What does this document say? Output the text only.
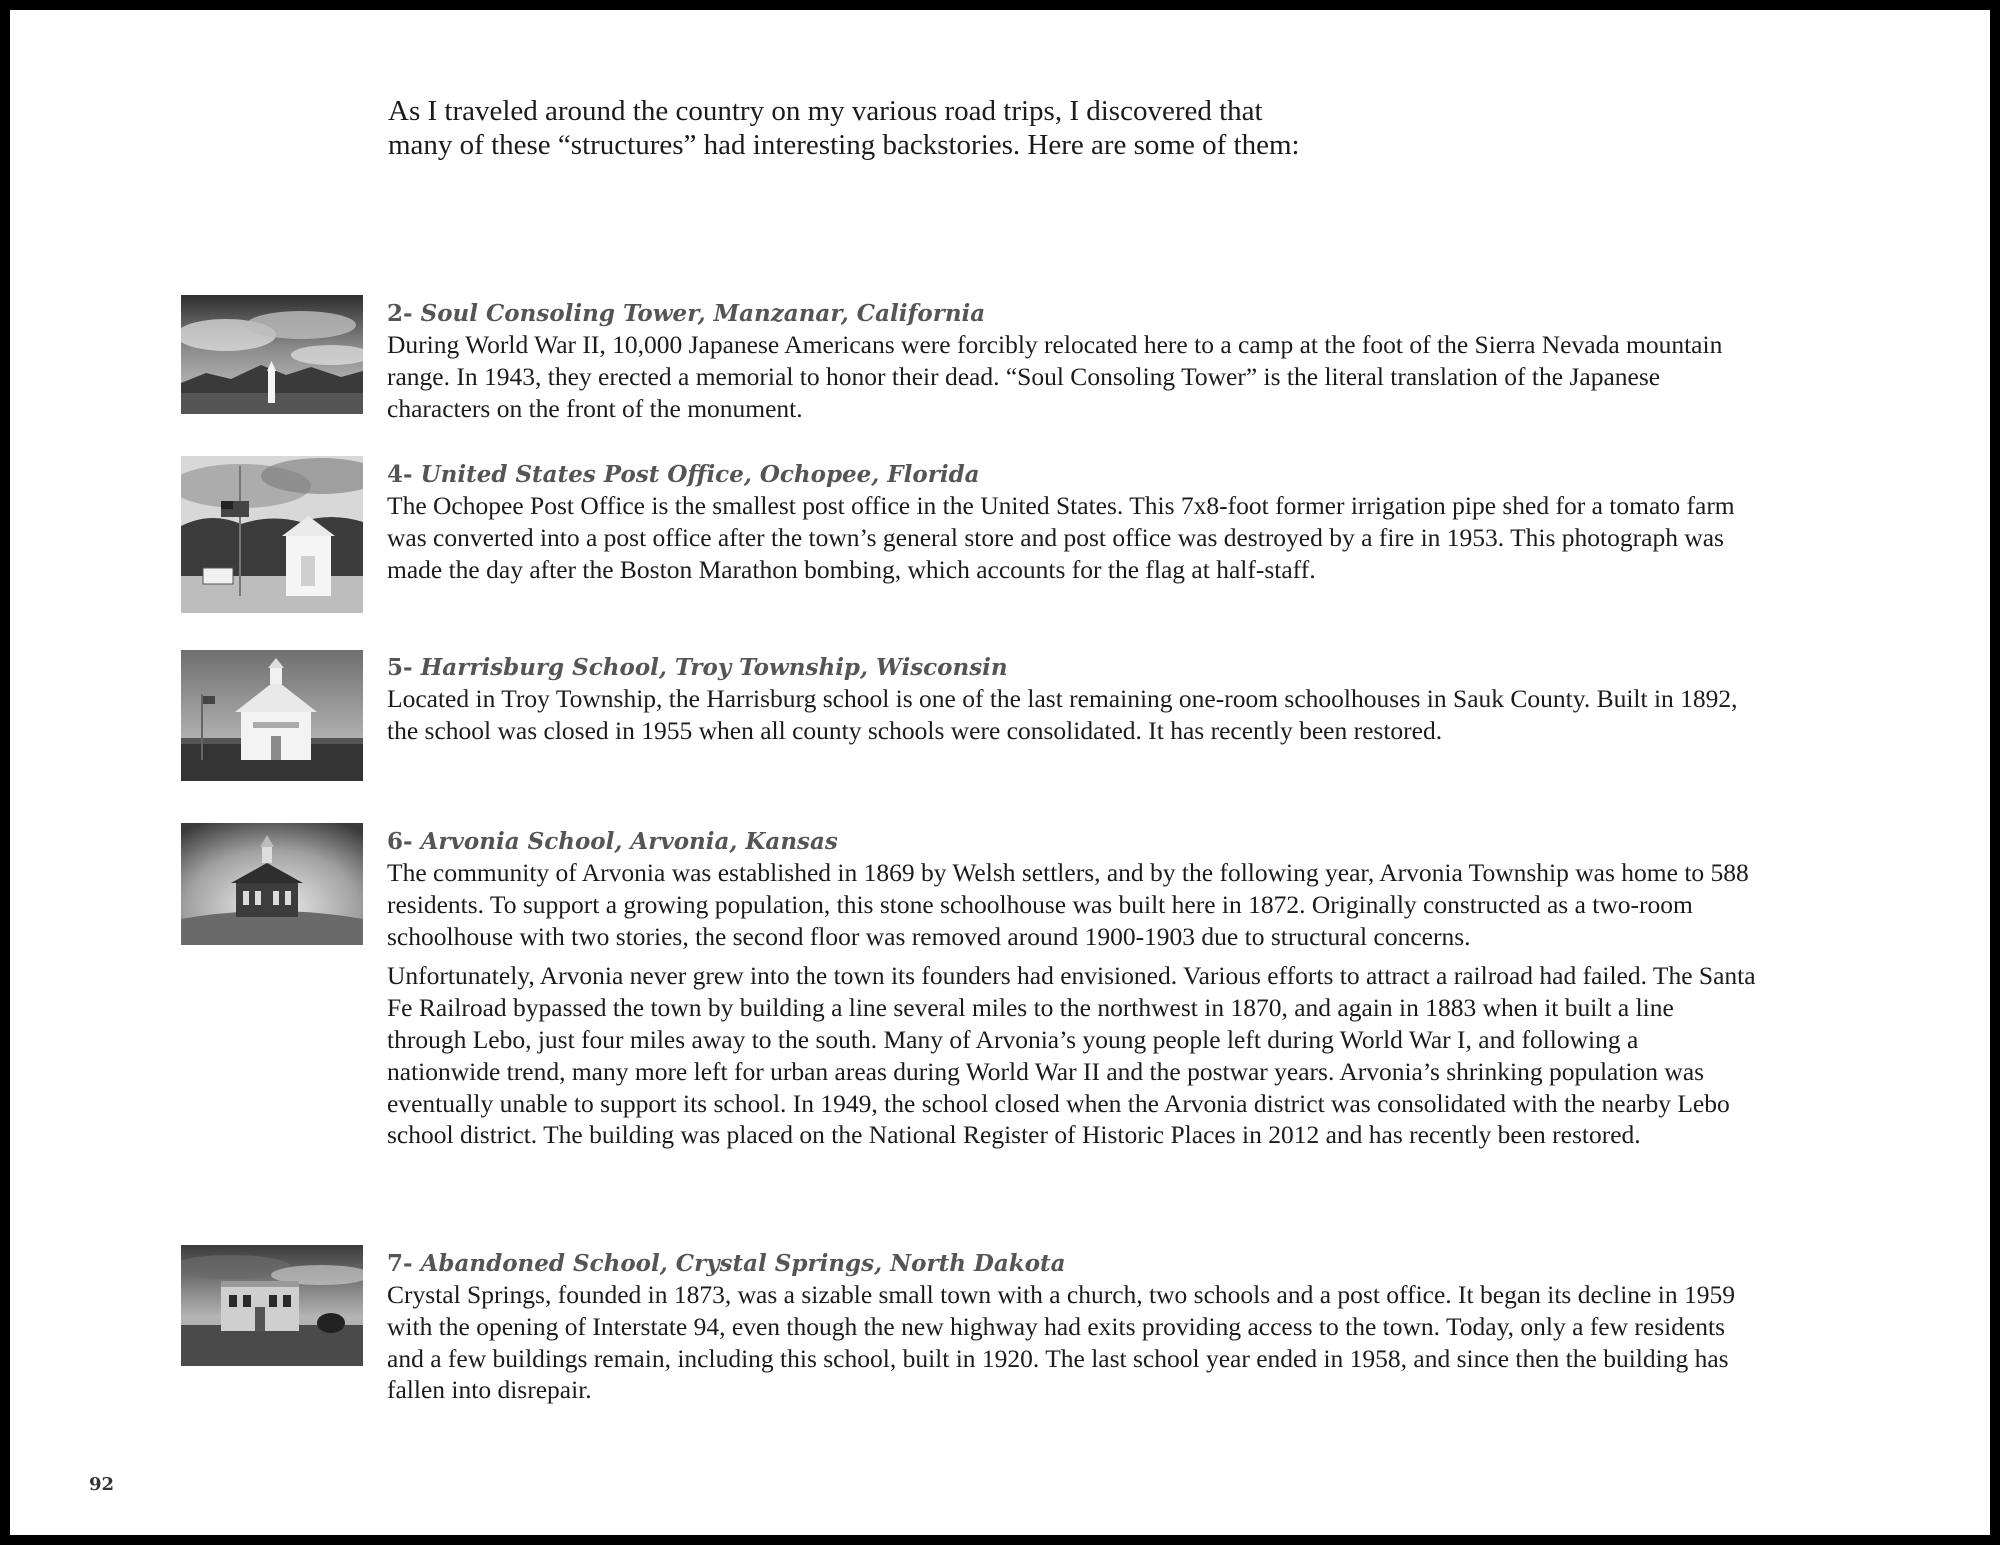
As I traveled around the country on my various road trips, I discovered that

many of these “structures” had interesting backstories. Here are some of them:

2- Soul Consoling Tower, Manzanar, California

During World War II, 10,000 Japanese Americans were forcibly relocated here to a camp at the foot of the Sierra Nevada mountain range. In 1943, they erected a memorial to honor their dead. “Soul Consoling Tower” is the literal translation of the Japanese characters on the front of the monument.

4- United States Post Office, Ochopee, Florida

The Ochopee Post Office is the smallest post office in the United States. This 7x8-foot former irrigation pipe shed for a tomato farm was converted into a post office after the town’s general store and post office was destroyed by a fire in 1953. This photograph was made the day after the Boston Marathon bombing, which accounts for the flag at half-staff.

5- Harrisburg School, Troy Township, Wisconsin

Located in Troy Township, the Harrisburg school is one of the last remaining one-room schoolhouses in Sauk County. Built in 1892, the school was closed in 1955 when all county schools were consolidated. It has recently been restored.

6- Arvonia School, Arvonia, Kansas

The community of Arvonia was established in 1869 by Welsh settlers, and by the following year, Arvonia Township was home to 588 residents. To support a growing population, this stone schoolhouse was built here in 1872. Originally constructed as a two-room schoolhouse with two stories, the second floor was removed around 1900-1903 due to structural concerns.

Unfortunately, Arvonia never grew into the town its founders had envisioned. Various efforts to attract a railroad had failed. The Santa Fe Railroad bypassed the town by building a line several miles to the northwest in 1870, and again in 1883 when it built a line through Lebo, just four miles away to the south. Many of Arvonia’s young people left during World War I, and following a nationwide trend, many more left for urban areas during World War II and the postwar years. Arvonia’s shrinking population was eventually unable to support its school. In 1949, the school closed when the Arvonia district was consolidated with the nearby Lebo school district. The building was placed on the National Register of Historic Places in 2012 and has recently been restored.

7- Abandoned School, Crystal Springs, North Dakota

Crystal Springs, founded in 1873, was a sizable small town with a church, two schools and a post office. It began its decline in 1959 with the opening of Interstate 94, even though the new highway had exits providing access to the town. Today, only a few residents and a few buildings remain, including this school, built in 1920. The last school year ended in 1958, and since then the building has fallen into disrepair.

92
